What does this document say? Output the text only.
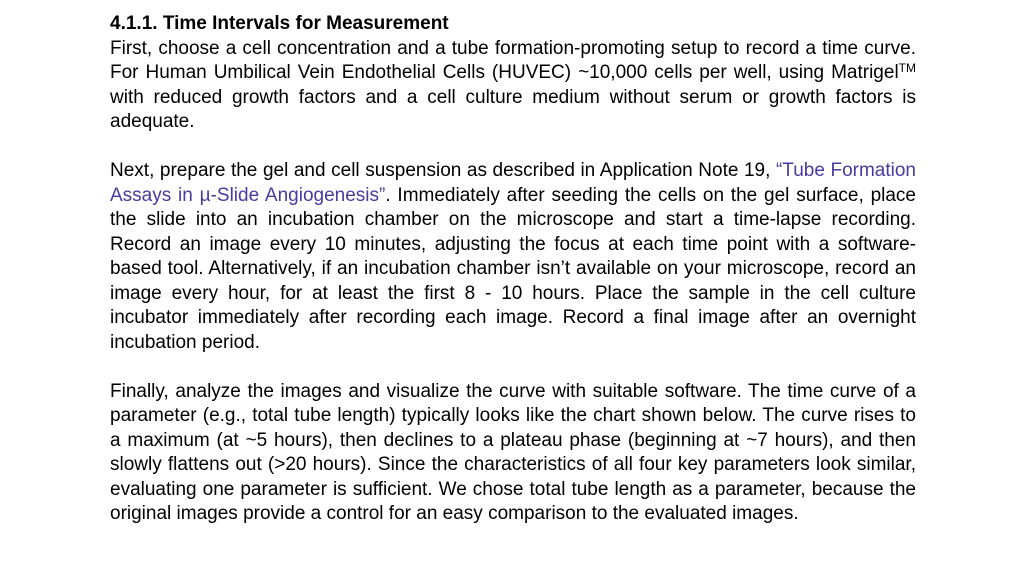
4.1.1. Time Intervals for Measurement

First, choose a cell concentration and a tube formation-promoting setup to record a time curve. For Human Umbilical Vein Endothelial Cells (HUVEC) ~10,000 cells per well, using Matrigel™ with reduced growth factors and a cell culture medium without serum or growth factors is adequate.

Next, prepare the gel and cell suspension as described in Application Note 19, “Tube Formation Assays in µ-Slide Angiogenesis”. Immediately after seeding the cells on the gel surface, place the slide into an incubation chamber on the microscope and start a time-lapse recording. Record an image every 10 minutes, adjusting the focus at each time point with a software-based tool. Alternatively, if an incubation chamber isn’t available on your microscope, record an image every hour, for at least the first 8 - 10 hours. Place the sample in the cell culture incubator immediately after recording each image. Record a final image after an overnight incubation period.

Finally, analyze the images and visualize the curve with suitable software. The time curve of a parameter (e.g., total tube length) typically looks like the chart shown below. The curve rises to a maximum (at ~5 hours), then declines to a plateau phase (beginning at ~7 hours), and then slowly flattens out (>20 hours). Since the characteristics of all four key parameters look similar, evaluating one parameter is sufficient. We chose total tube length as a parameter, because the original images provide a control for an easy comparison to the evaluated images.
